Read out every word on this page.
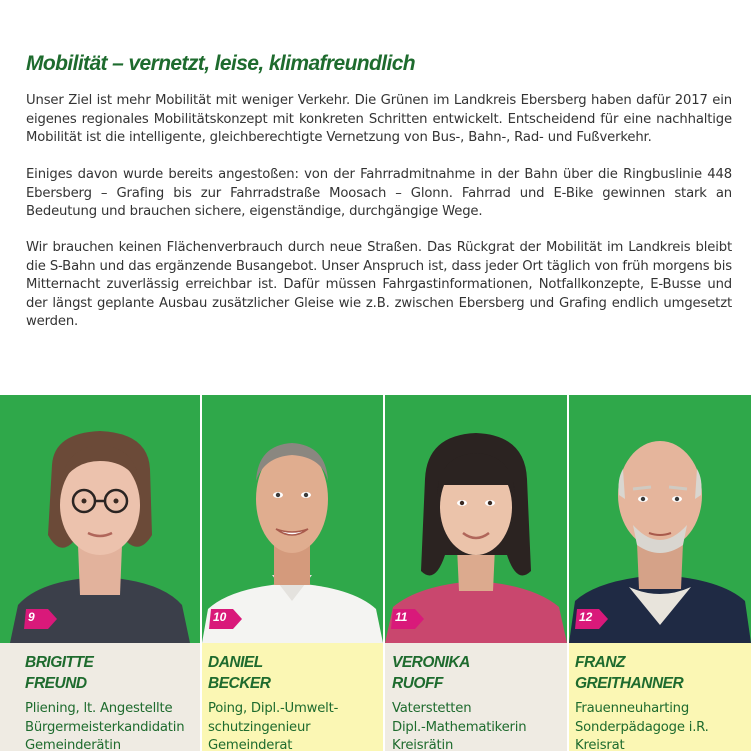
Mobilität – vernetzt, leise, klimafreundlich

Unser Ziel ist mehr Mobilität mit weniger Verkehr. Die Grünen im Landkreis Ebersberg haben dafür 2017 ein eigenes regionales Mobilitätskonzept mit konkreten Schritten entwickelt. Entscheidend für eine nachhaltige Mobilität ist die intelligente, gleichberechtigte Vernetzung von Bus-, Bahn-, Rad- und Fußverkehr.

Einiges davon wurde bereits angestoßen: von der Fahrradmitnahme in der Bahn über die Ringbuslinie 448 Ebersberg – Grafing bis zur Fahrradstraße Moosach – Glonn. Fahrrad und E-Bike gewinnen stark an Bedeutung und brauchen sichere, eigenständige, durchgängige Wege.

Wir brauchen keinen Flächenverbrauch durch neue Straßen. Das Rückgrat der Mobilität im Landkreis bleibt die S-Bahn und das ergänzende Busangebot. Unser Anspruch ist, dass jeder Ort täglich von früh morgens bis Mitternacht zuverlässig erreichbar ist. Dafür müssen Fahrgastinformationen, Notfallkonzepte, E-Busse und der längst geplante Ausbau zusätzlicher Gleise wie z.B. zwischen Ebersberg und Grafing endlich umgesetzt werden.

9
BRIGITTE
FREUND

Pliening, lt. Angestellte
Bürgermeisterkandidatin
Gemeinderätin

10
DANIEL
BECKER

Poing, Dipl.-Umwelt-
schutzingenieur
Gemeinderat

11
VERONIKA
RUOFF

Vaterstetten
Dipl.-Mathematikerin
Kreisrätin

12
FRANZ
GREITHANNER

Frauenneuharting
Sonderpädagoge i.R.
Kreisrat
